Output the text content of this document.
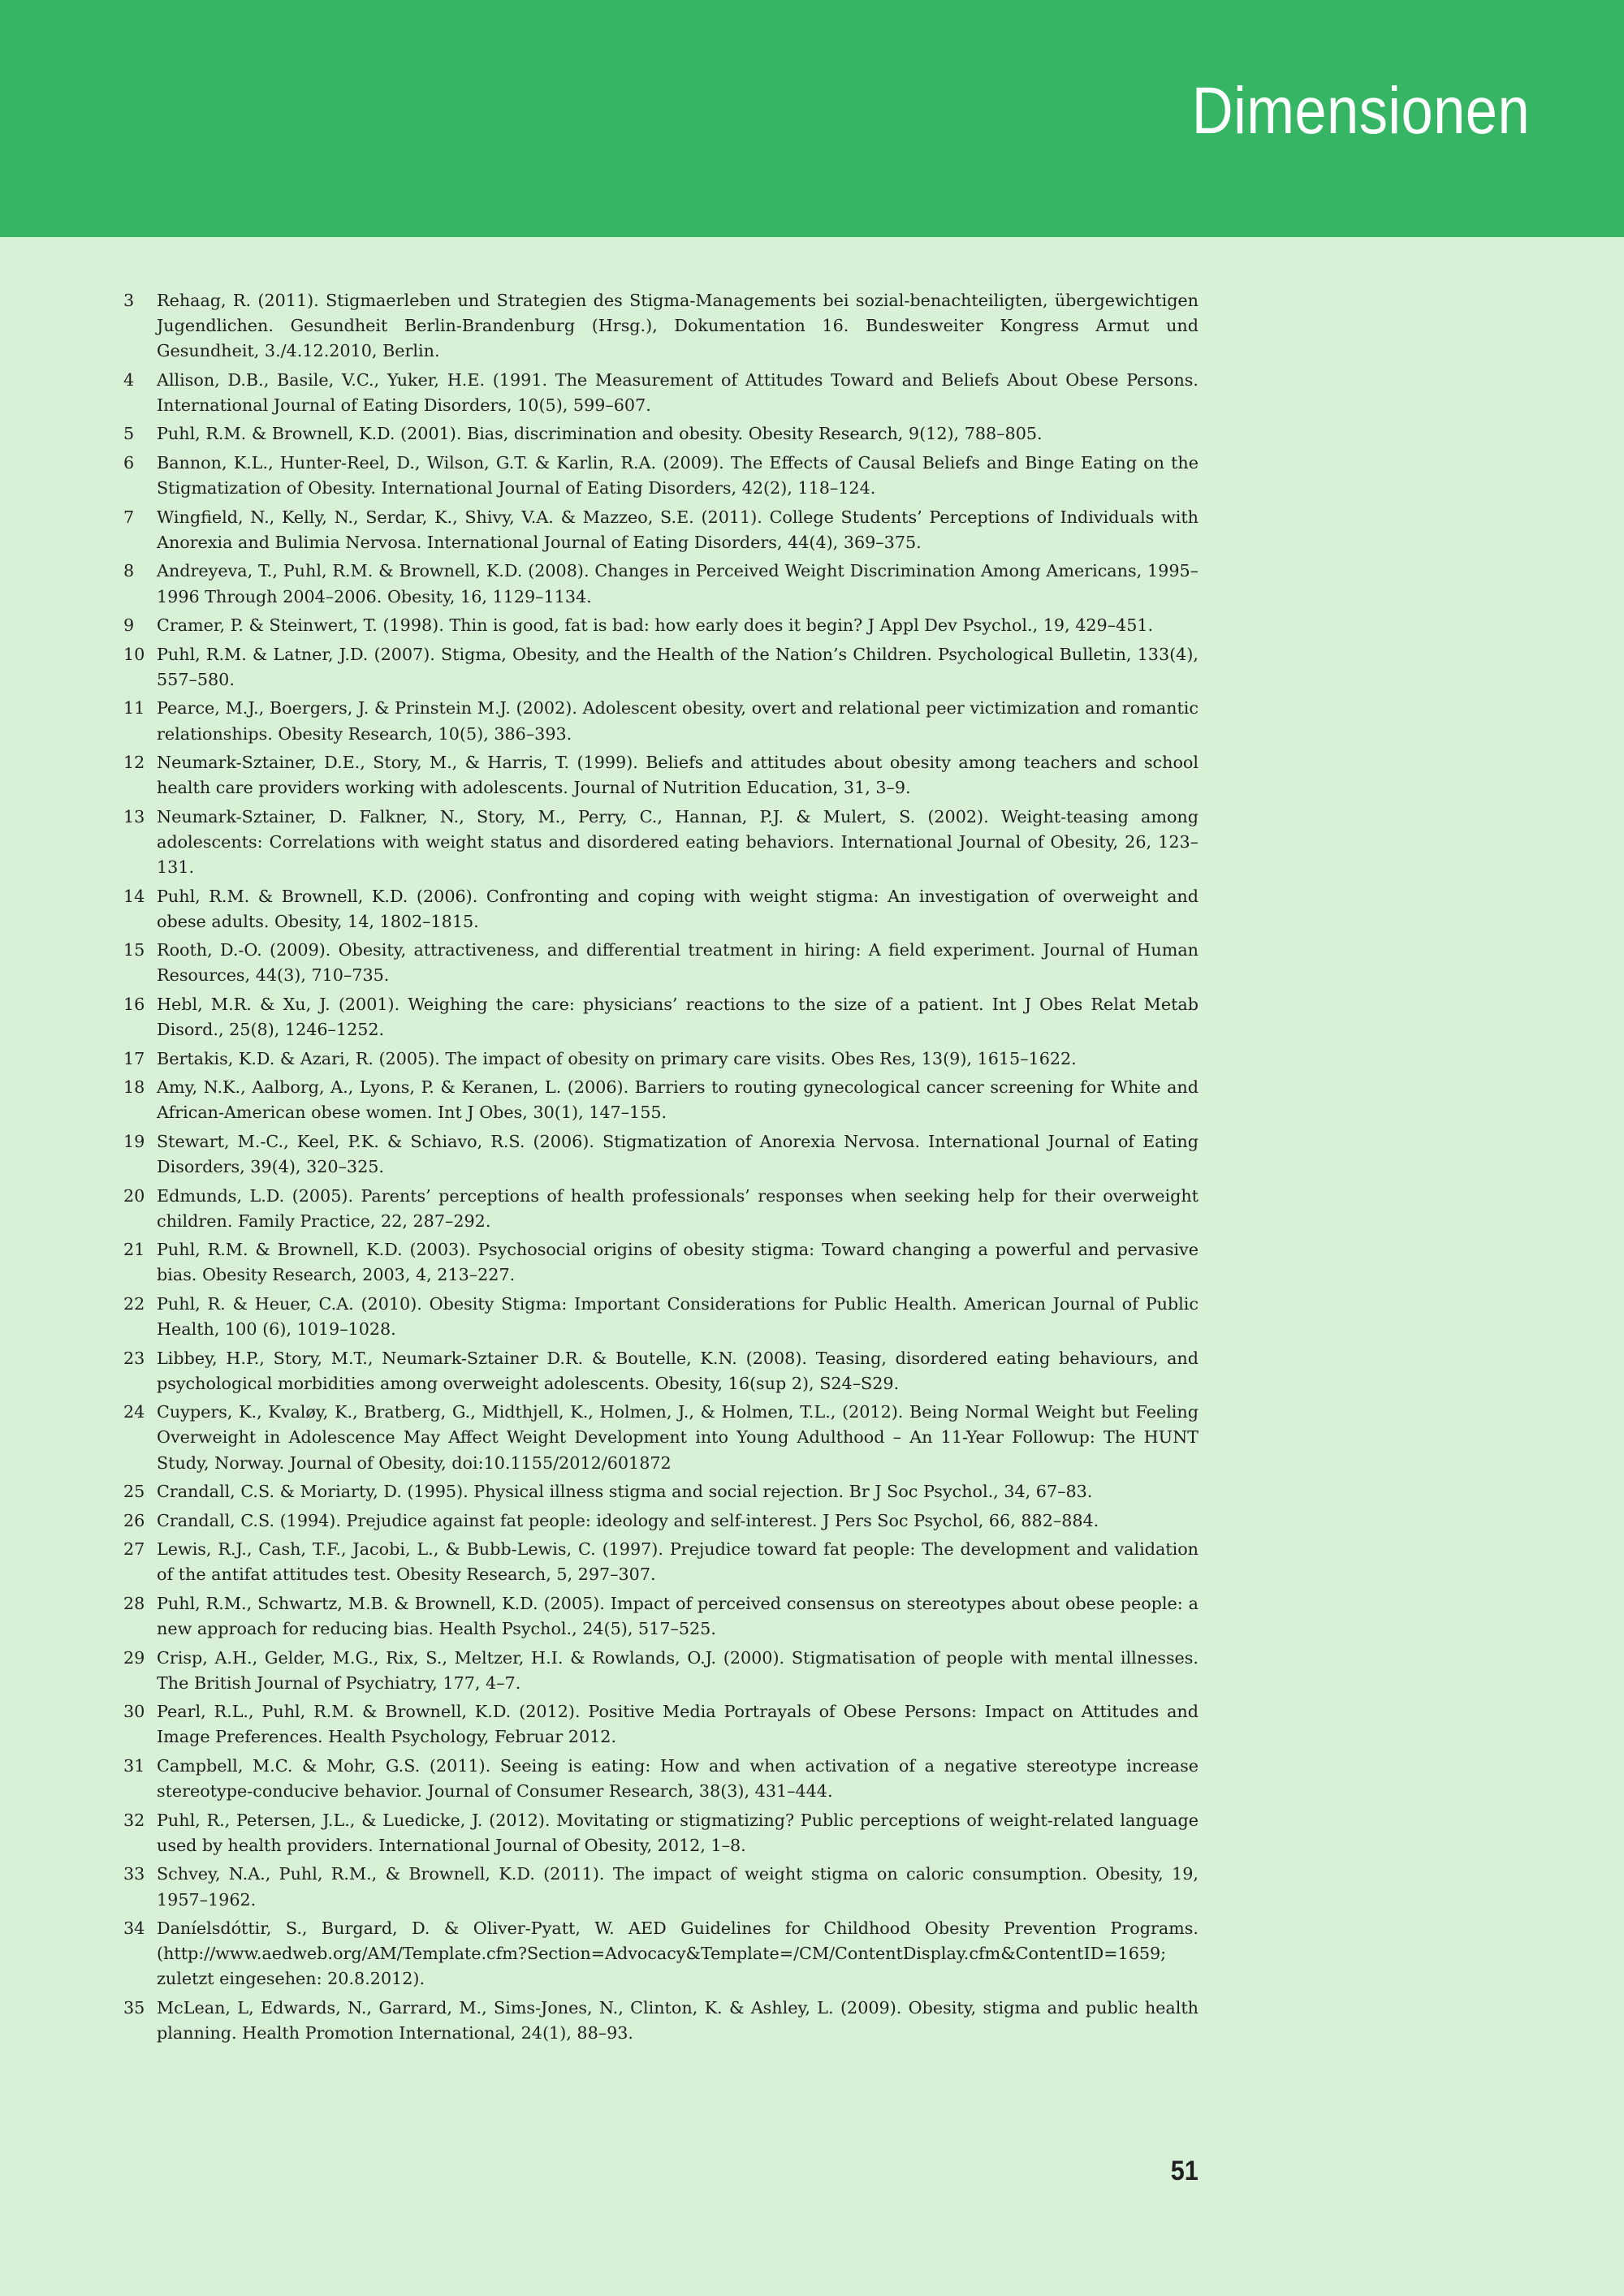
Dimensionen
3	Rehaag, R. (2011). Stigmaerleben und Strategien des Stigma-Managements bei sozial-benachteiligten, übergewichtigen Jugendlichen. Gesundheit Berlin-Brandenburg (Hrsg.), Dokumentation 16. Bundesweiter Kongress Armut und Gesundheit, 3./4.12.2010, Berlin.
4	Allison, D.B., Basile, V.C., Yuker, H.E. (1991. The Measurement of Attitudes Toward and Beliefs About Obese Persons. International Journal of Eating Disorders, 10(5), 599–607.
5	Puhl, R.M. & Brownell, K.D. (2001). Bias, discrimination and obesity. Obesity Research, 9(12), 788–805.
6	Bannon, K.L., Hunter-Reel, D., Wilson, G.T. & Karlin, R.A. (2009). The Effects of Causal Beliefs and Binge Eating on the Stigmatization of Obesity. International Journal of Eating Disorders, 42(2), 118–124.
7	Wingfield, N., Kelly, N., Serdar, K., Shivy, V.A. & Mazzeo, S.E. (2011). College Students’ Perceptions of Individuals with Anorexia and Bulimia Nervosa. International Journal of Eating Disorders, 44(4), 369–375.
8	Andreyeva, T., Puhl, R.M. & Brownell, K.D. (2008). Changes in Perceived Weight Discrimination Among Americans, 1995–1996 Through 2004–2006. Obesity, 16, 1129–1134.
9	Cramer, P. & Steinwert, T. (1998). Thin is good, fat is bad: how early does it begin? J Appl Dev Psychol., 19, 429–451.
10 Puhl, R.M. & Latner, J.D. (2007). Stigma, Obesity, and the Health of the Nation’s Children. Psychological Bulletin, 133(4), 557–580.
11 Pearce, M.J., Boergers, J. & Prinstein M.J. (2002). Adolescent obesity, overt and relational peer victimization and romantic relationships. Obesity Research, 10(5), 386–393.
12 Neumark-Sztainer, D.E., Story, M., & Harris, T. (1999). Beliefs and attitudes about obesity among teachers and school health care providers working with adolescents. Journal of Nutrition Education, 31, 3–9.
13 Neumark-Sztainer, D. Falkner, N., Story, M., Perry, C., Hannan, P.J. & Mulert, S. (2002). Weight-teasing among adolescents: Correlations with weight status and disordered eating behaviors. International Journal of Obesity, 26, 123–131.
14 Puhl, R.M. & Brownell, K.D. (2006). Confronting and coping with weight stigma: An investigation of overweight and obese adults. Obesity, 14, 1802–1815.
15 Rooth, D.-O. (2009). Obesity, attractiveness, and differential treatment in hiring: A field experiment. Journal of Human Resources, 44(3), 710–735.
16 Hebl, M.R. & Xu, J. (2001). Weighing the care: physicians’ reactions to the size of a patient. Int J Obes Relat Metab Disord., 25(8), 1246–1252.
17 Bertakis, K.D. & Azari, R. (2005). The impact of obesity on primary care visits. Obes Res, 13(9), 1615–1622.
18 Amy, N.K., Aalborg, A., Lyons, P. & Keranen, L. (2006). Barriers to routing gynecological cancer screening for White and African-American obese women. Int J Obes, 30(1), 147–155.
19 Stewart, M.-C., Keel, P.K. & Schiavo, R.S. (2006). Stigmatization of Anorexia Nervosa. International Journal of Eating Disorders, 39(4), 320–325.
20 Edmunds, L.D. (2005). Parents’ perceptions of health professionals’ responses when seeking help for their overweight children. Family Practice, 22, 287–292.
21 Puhl, R.M. & Brownell, K.D. (2003). Psychosocial origins of obesity stigma: Toward changing a powerful and pervasive bias. Obesity Research, 2003, 4, 213–227.
22 Puhl, R. & Heuer, C.A. (2010). Obesity Stigma: Important Considerations for Public Health. American Journal of Public Health, 100 (6), 1019–1028.
23 Libbey, H.P., Story, M.T., Neumark-Sztainer D.R. & Boutelle, K.N. (2008). Teasing, disordered eating behaviours, and psychological morbidities among overweight adolescents. Obesity, 16(sup 2), S24–S29.
24 Cuypers, K., Kvaløy, K., Bratberg, G., Midthjell, K., Holmen, J., & Holmen, T.L., (2012). Being Normal Weight but Feeling Overweight in Adolescence May Affect Weight Development into Young Adulthood – An 11-Year Followup: The HUNT Study, Norway. Journal of Obesity, doi:10.1155/2012/601872
25 Crandall, C.S. & Moriarty, D. (1995). Physical illness stigma and social rejection. Br J Soc Psychol., 34, 67–83.
26 Crandall, C.S. (1994). Prejudice against fat people: ideology and self-interest. J Pers Soc Psychol, 66, 882–884.
27 Lewis, R.J., Cash, T.F., Jacobi, L., & Bubb-Lewis, C. (1997). Prejudice toward fat people: The development and validation of the antifat attitudes test. Obesity Research, 5, 297–307.
28 Puhl, R.M., Schwartz, M.B. & Brownell, K.D. (2005). Impact of perceived consensus on stereotypes about obese people: a new approach for reducing bias. Health Psychol., 24(5), 517–525.
29 Crisp, A.H., Gelder, M.G., Rix, S., Meltzer, H.I. & Rowlands, O.J. (2000). Stigmatisation of people with mental illnesses. The British Journal of Psychiatry, 177, 4–7.
30 Pearl, R.L., Puhl, R.M. & Brownell, K.D. (2012). Positive Media Portrayals of Obese Persons: Impact on Attitudes and Image Preferences. Health Psychology, Februar 2012.
31 Campbell, M.C. & Mohr, G.S. (2011). Seeing is eating: How and when activation of a negative stereotype increase stereotype-conducive behavior. Journal of Consumer Research, 38(3), 431–444.
32 Puhl, R., Petersen, J.L., & Luedicke, J. (2012). Movitating or stigmatizing? Public perceptions of weight-related language used by health providers. International Journal of Obesity, 2012, 1–8.
33 Schvey, N.A., Puhl, R.M., & Brownell, K.D. (2011). The impact of weight stigma on caloric consumption. Obesity, 19, 1957–1962.
34 Daníelsdóttir, S., Burgard, D. & Oliver-Pyatt, W. AED Guidelines for Childhood Obesity Prevention Programs. (http://www.aedweb.org/AM/Template.cfm?Section=Advocacy&Template=/CM/ContentDisplay.cfm&ContentID=1659; zuletzt eingesehen: 20.8.2012).
35 McLean, L, Edwards, N., Garrard, M., Sims-Jones, N., Clinton, K. & Ashley, L. (2009). Obesity, stigma and public health planning. Health Promotion International, 24(1), 88–93.
51
